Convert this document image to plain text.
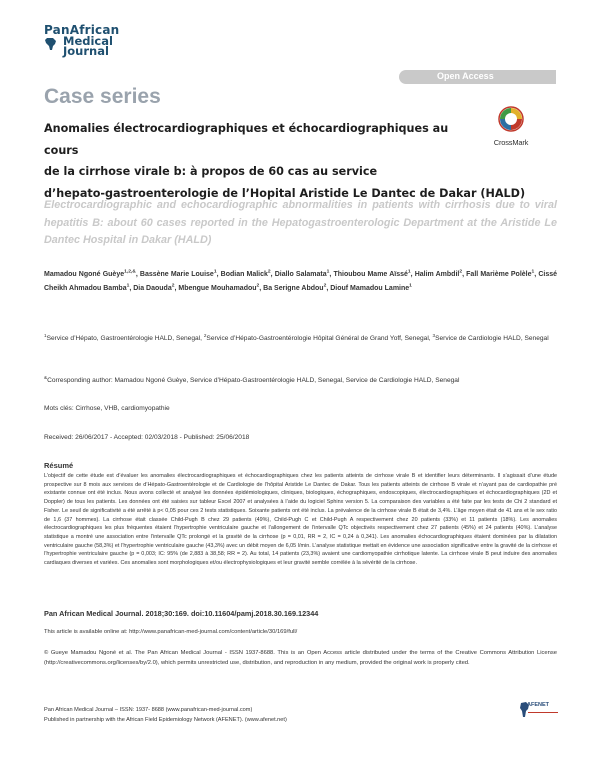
PanAfrican
Medical
Journal
Open Access
Case series
CrossMark
Anomalies électrocardiographiques et échocardiographiques au cours
de la cirrhose virale b: à propos de 60 cas au service
d’hepato-gastroenterologie de l’Hopital Aristide Le Dantec de Dakar (HALD)
Electrocardiographic and echocardiographic abnormalities in patients with cirrhosis due to viral hepatitis B: about 60 cases reported in the Hepatogastroenterologic Department at the Aristide Le Dantec Hospital in Dakar (HALD)
Mamadou Ngoné Guèye$^{1,2,\&}$, Bassène Marie Louise$^1$, Bodian Malick$^2$, Diallo Salamata$^1$, Thioubou Mame Aïssé$^1$, Halim Ambdil$^2$, Fall Marième Polèle$^1$, Cissé Cheikh Ahmadou Bamba$^1$, Dia Daouda$^2$, Mbengue Mouhamadou$^2$, Ba Serigne Abdou$^2$, Diouf Mamadou Lamine$^1$
$^1$Service d’Hépato, Gastroentérologie HALD, Senegal, $^2$Service d’Hépato-Gastroentérologie Hôpital Général de Grand Yoff, Senegal, $^3$Service de Cardiologie HALD, Senegal
&Corresponding author: Mamadou Ngoné Guèye, Service d’Hépato-Gastroentérologie HALD, Senegal, Service de Cardiologie HALD, Senegal
Mots clés: Cirrhose, VHB, cardiomyopathie
Received: 26/06/2017 - Accepted: 02/03/2018 - Published: 25/06/2018
Résumé
L’objectif de cette étude est d’évaluer les anomalies électrocardiographiques et échocardiographiques chez les patients atteints de cirrhose virale B et identifier leurs déterminants. Il s’agissait d’une étude prospective sur 8 mois aux services de d’Hépato-Gastroentérologie et de Cardiologie de l’hôpital Aristide Le Dantec de Dakar. Tous les patients atteints de cirrhose B virale et n’ayant pas de cardiopathie pré existante connue ont été inclus. Nous avons collecté et analysé les données épidémiologiques, cliniques, biologiques, échographiques, endoscopiques, électrocardiographiques et échocardiographiques (2D et Doppler) de tous les patients. Les données ont été saisies sur tableur Excel 2007 et analysées à l’aide du logiciel Sphinx version 5. La comparaison des variables a été faite par les tests de Chi 2 standard et Fisher. Le seuil de significativité a été arrêté à p< 0,05 pour ces 2 tests statistiques. Soixante patients ont été inclus. La prévalence de la cirrhose virale B était de 3,4%. L’âge moyen était de 41 ans et le sex ratio de 1,6 (37 hommes). La cirrhose était classée Child-Pugh B chez 29 patients (49%), Child-Pugh C et Child-Pugh A respectivement chez 20 patients (33%) et 11 patients (18%). Les anomalies électrocardiographiques les plus fréquentes étaient l’hypertrophie ventriculaire gauche et l’allongement de l’intervalle QTc objectivés respectivement chez 27 patients (45%) et 24 patients (40%). L’analyse statistique a montré une association entre l’intervalle QTc prolongé et la gravité de la cirrhose (p = 0,01, RR = 2, IC = 0,24 à 0,341). Les anomalies échocardiographiques étaient dominées par la dilatation ventriculaire gauche (58,3%) et l’hypertrophie ventriculaire gauche (43,3%) avec un débit moyen de 6,05 l/min. L’analyse statistique mettait en évidence une association significative entre la gravité de la cirrhose et l’hypertrophie ventriculaire gauche (p = 0,003; IC: 95% (de 2,883 à 38,58; RR = 2). Au total, 14 patients (23,3%) avaient une cardiomyopathie cirrhotique latente. La cirrhose virale B peut induire des anomalies cardiaques diverses et variées. Ces anomalies sont morphologiques et/ou électrophysiologiques et leur gravité semble corrélée à la sévérité de la cirrhose.
Pan African Medical Journal. 2018;30:169. doi:10.11604/pamj.2018.30.169.12344
This article is available online at: http://www.panafrican-med-journal.com/content/article/30/169/full/
© Gueye Mamadou Ngoné et al. The Pan African Medical Journal - ISSN 1937-8688. This is an Open Access article distributed under the terms of the Creative Commons Attribution License (http://creativecommons.org/licenses/by/2.0), which permits unrestricted use, distribution, and reproduction in any medium, provided the original work is properly cited.
Pan African Medical Journal – ISSN: 1937- 8688 (www.panafrican-med-journal.com)
Published in partnership with the African Field Epidemiology Network (AFENET). (www.afenet.net)
AFENET
